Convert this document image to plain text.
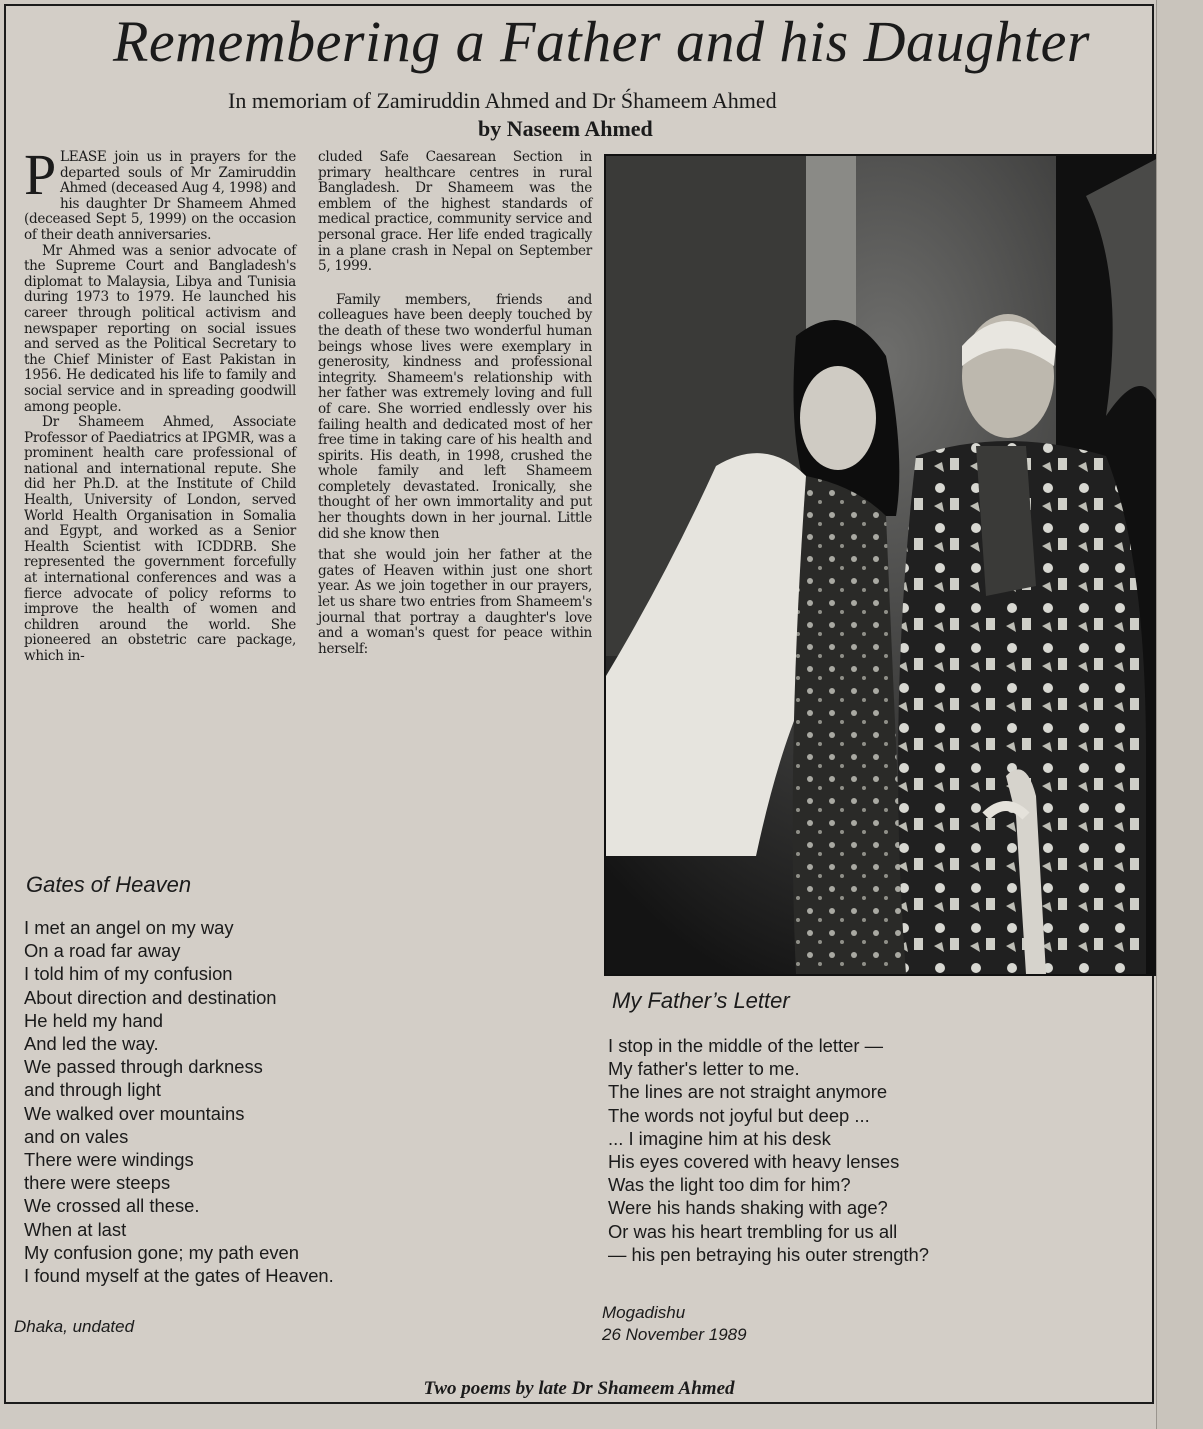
Remembering a Father and his Daughter
In memoriam of Zamiruddin Ahmed and Dr Śhameem Ahmed
by Naseem Ahmed

PLEASE join us in prayers for the departed souls of Mr Zamiruddin Ahmed (deceased Aug 4, 1998) and his daughter Dr Shameem Ahmed (deceased Sept 5, 1999) on the occasion of their death anniversaries.

Mr Ahmed was a senior advocate of the Supreme Court and Bangladesh's diplomat to Malaysia, Libya and Tunisia during 1973 to 1979. He launched his career through political activism and newspaper reporting on social issues and served as the Political Secretary to the Chief Minister of East Pakistan in 1956. He dedicated his life to family and social service and in spreading goodwill among people.

Dr Shameem Ahmed, Associate Professor of Paediatrics at IPGMR, was a prominent health care professional of national and international repute. She did her Ph.D. at the Institute of Child Health, University of London, served World Health Organisation in Somalia and Egypt, and worked as a Senior Health Scientist with ICDDRB. She represented the government forcefully at international conferences and was a fierce advocate of policy reforms to improve the health of women and children around the world. She pioneered an obstetric care package, which in-

cluded Safe Caesarean Section in primary healthcare centres in rural Bangladesh. Dr Shameem was the emblem of the highest standards of medical practice, community service and personal grace. Her life ended tragically in a plane crash in Nepal on September 5, 1999.

Family members, friends and colleagues have been deeply touched by the death of these two wonderful human beings whose lives were exemplary in generosity, kindness and professional integrity. Shameem's relationship with her father was extremely loving and full of care. She worried endlessly over his failing health and dedicated most of her free time in taking care of his health and spirits. His death, in 1998, crushed the whole family and left Shameem completely devastated. Ironically, she thought of her own immortality and put her thoughts down in her journal. Little did she know then

that she would join her father at the gates of Heaven within just one short year. As we join together in our prayers, let us share two entries from Shameem's journal that portray a daughter's love and a woman's quest for peace within herself:

Gates of Heaven
I met an angel on my way
On a road far away
I told him of my confusion
About direction and destination
He held my hand
And led the way.
We passed through darkness
and through light
We walked over mountains
and on vales
There were windings
there were steeps
We crossed all these.
When at last
My confusion gone; my path even
I found myself at the gates of Heaven.
Dhaka, undated
My Father’s Letter
I stop in the middle of the letter —
My father's letter to me.
The lines are not straight anymore
The words not joyful but deep ...
... I imagine him at his desk
His eyes covered with heavy lenses
Was the light too dim for him?
Were his hands shaking with age?
Or was his heart trembling for us all
— his pen betraying his outer strength?
Mogadishu
26 November 1989
Two poems by late Dr Shameem Ahmed
